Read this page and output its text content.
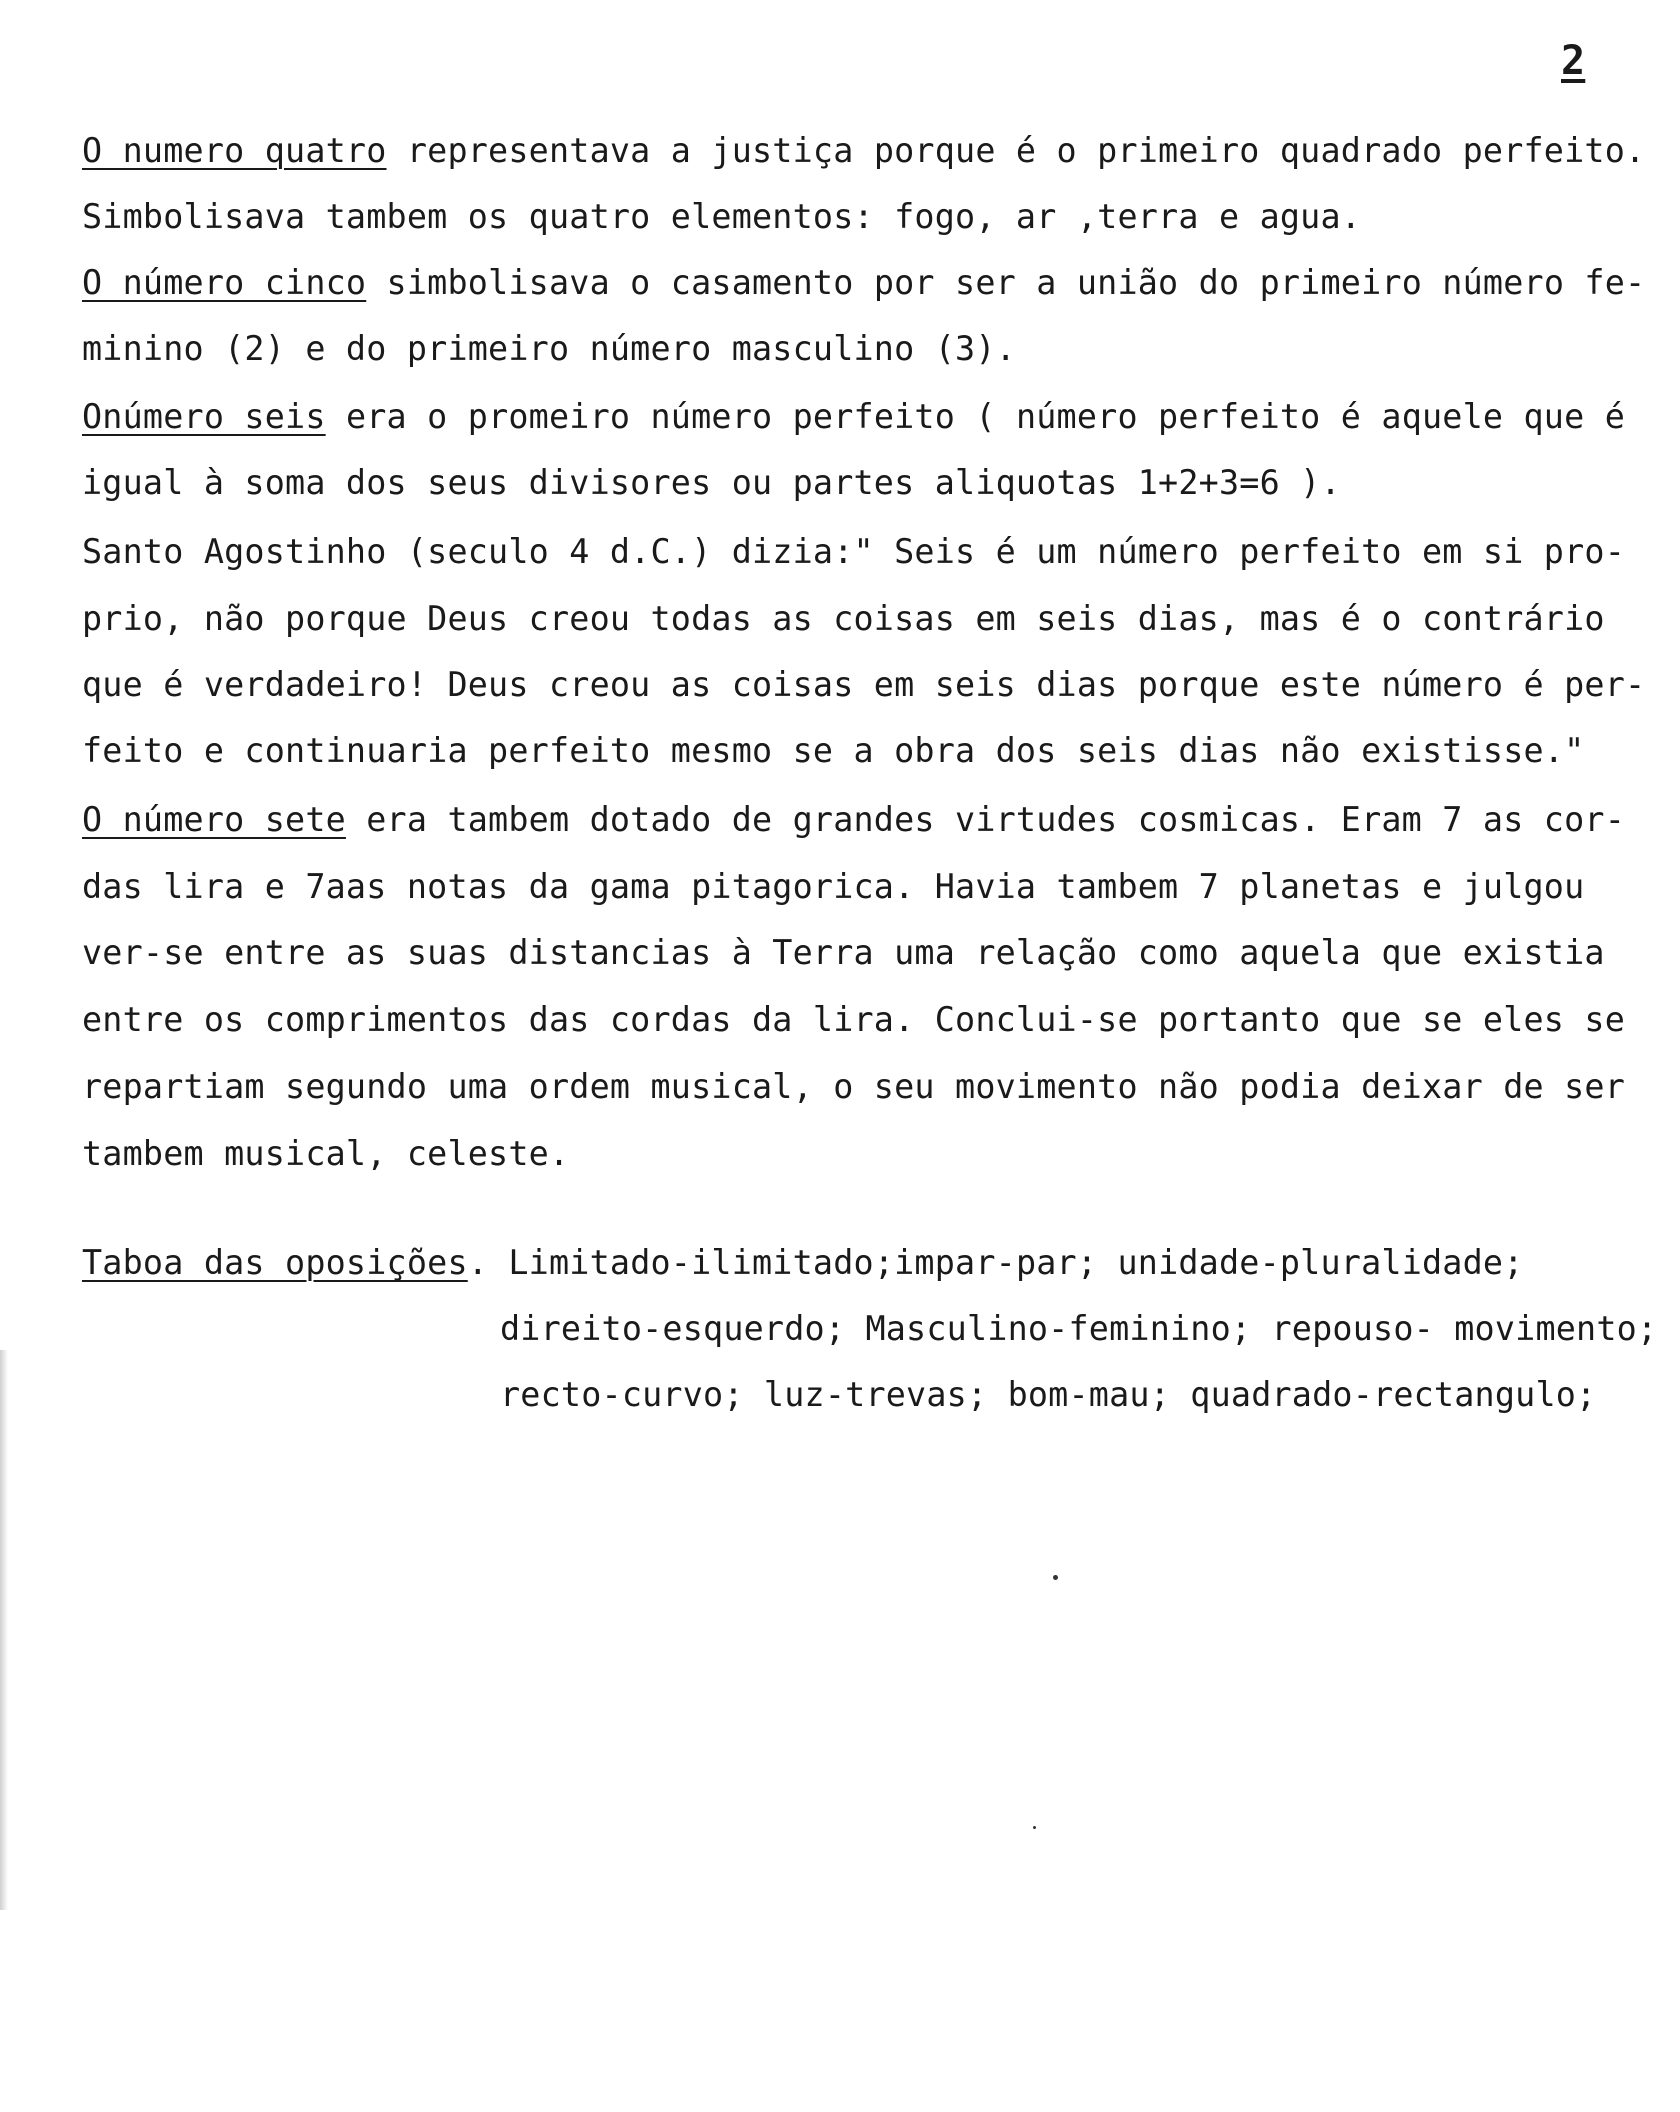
2
O numero quatro representava a justiça porque é o primeiro quadrado perfeito.
Simbolisava tambem os quatro elementos: fogo, ar ,terra e agua.
O número cinco simbolisava o casamento por ser a união do primeiro número fe-
minino (2) e do primeiro número masculino (3).
Onúmero seis era o promeiro número perfeito ( número perfeito é aquele que é
igual à soma dos seus divisores ou partes aliquotas 1+2+3=6 ).
Santo Agostinho (seculo 4 d.C.) dizia:" Seis é um número perfeito em si pro-
prio, não porque Deus creou todas as coisas em seis dias, mas é o contrário
que é verdadeiro! Deus creou as coisas em seis dias porque este número é per-
feito e continuaria perfeito mesmo se a obra dos seis dias não existisse."
O número sete era tambem dotado de grandes virtudes cosmicas. Eram 7 as cor-
das lira e 7aas notas da gama pitagorica. Havia tambem 7 planetas e julgou
ver-se entre as suas distancias à Terra uma relação como aquela que existia
entre os comprimentos das cordas da lira. Conclui-se portanto que se eles se
repartiam segundo uma ordem musical, o seu movimento não podia deixar de ser
tambem musical, celeste.
Taboa das oposições. Limitado-ilimitado;impar-par; unidade-pluralidade;
direito-esquerdo; Masculino-feminino; repouso- movimento;
recto-curvo; luz-trevas; bom-mau; quadrado-rectangulo;
